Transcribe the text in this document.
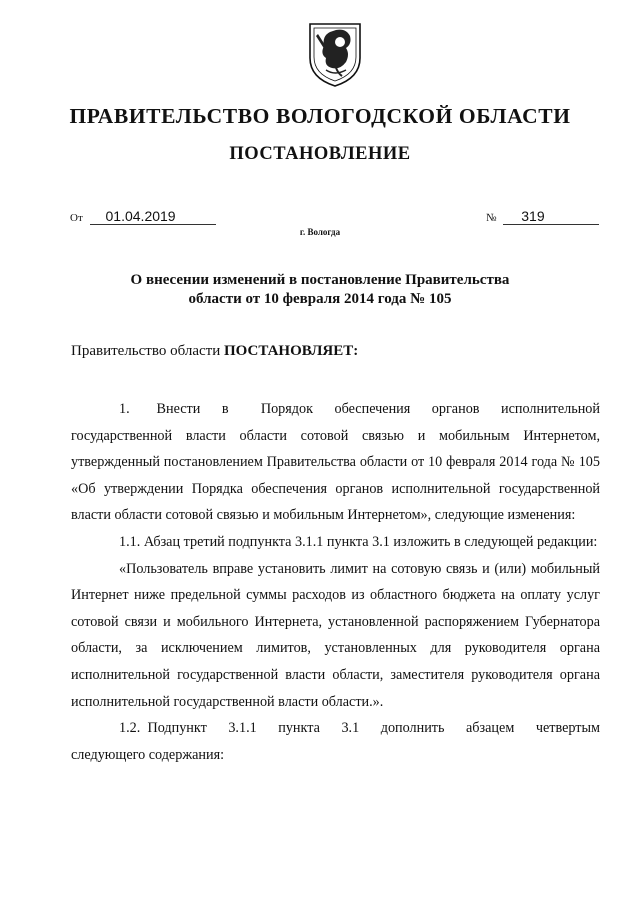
ПРАВИТЕЛЬСТВО ВОЛОГОДСКОЙ ОБЛАСТИ
ПОСТАНОВЛЕНИЕ
От 01.04.2019	№ 319
г. Вологда
О внесении изменений в постановление Правительства
области от 10 февраля 2014 года № 105
Правительство области ПОСТАНОВЛЯЕТ:

1.     Внести    в      Порядок    обеспечения    органов    исполнительной государственной власти области сотовой связью и мобильным Интернетом, утвержденный постановлением Правительства области от 10 февраля 2014 года № 105 «Об утверждении Порядка обеспечения органов исполнительной государственной власти области сотовой связью и мобильным Интернетом», следующие изменения:

1.1. Абзац третий подпункта 3.1.1 пункта 3.1 изложить в следующей редакции:

«Пользователь вправе установить лимит на сотовую связь и (или) мобильный Интернет ниже предельной суммы расходов из областного бюджета на оплату услуг сотовой связи и мобильного Интернета, установленной распоряжением Губернатора области, за исключением лимитов, установленных для руководителя органа исполнительной государственной власти области, заместителя руководителя органа исполнительной государственной власти области.».

1.2. Подпункт   3.1.1   пункта   3.1   дополнить   абзацем   четвертым следующего содержания:
